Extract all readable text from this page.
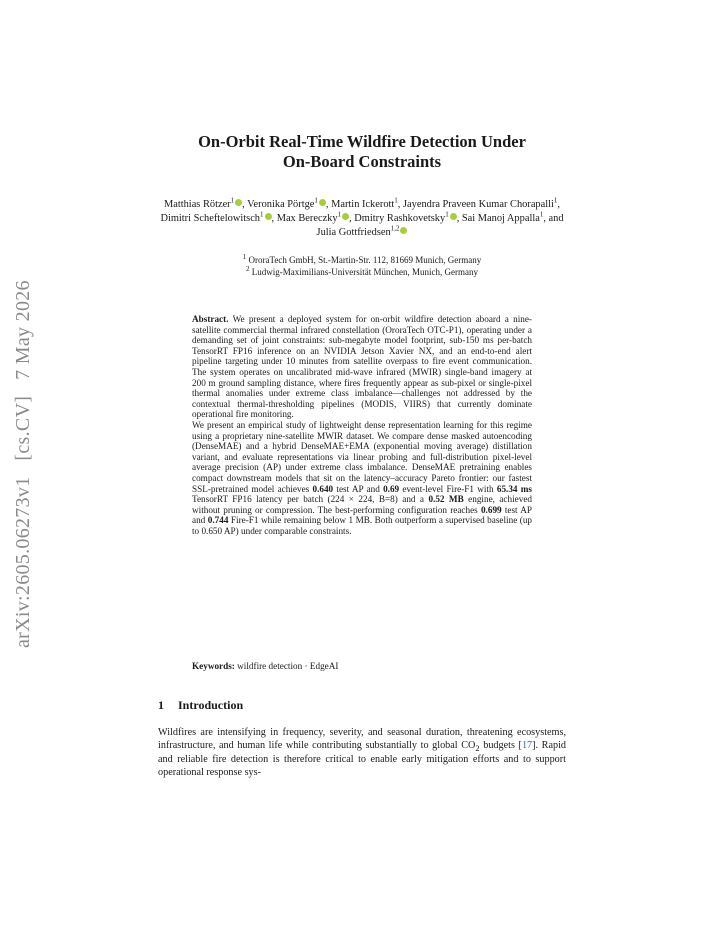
arXiv:2605.06273v1   [cs.CV]   7 May 2026
On-Orbit Real-Time Wildfire Detection Under
On-Board Constraints
Matthias Rötzer$^1$ , Veronika Pörtge$^1$ , Martin Ickerott$^1$, Jayendra Praveen Kumar Chorapalli$^1$, Dimitri Scheftelowitsch$^1$ , Max Bereczky$^1$ , Dmitry Rashkovetsky$^1$ , Sai Manoj Appalla$^1$, and Julia Gottfriedsen$^{1,2}$
$^1$ OroraTech GmbH, St.-Martin-Str. 112, 81669 Munich, Germany
$^2$ Ludwig-Maximilians-Universität München, Munich, Germany

Abstract. We present a deployed system for on-orbit wildfire detection aboard a nine-satellite commercial thermal infrared constellation (OroraTech OTC-P1), operating under a demanding set of joint constraints: sub-megabyte model footprint, sub-150 ms per-batch TensorRT FP16 inference on an NVIDIA Jetson Xavier NX, and an end-to-end alert pipeline targeting under 10 minutes from satellite overpass to fire event communication. The system operates on uncalibrated mid-wave infrared (MWIR) single-band imagery at 200 m ground sampling distance, where fires frequently appear as sub-pixel or single-pixel thermal anomalies under extreme class imbalance—challenges not addressed by the contextual thermal-thresholding pipelines (MODIS, VIIRS) that currently dominate operational fire monitoring.

We present an empirical study of lightweight dense representation learning for this regime using a proprietary nine-satellite MWIR dataset. We compare dense masked autoencoding (DenseMAE) and a hybrid DenseMAE+EMA (exponential moving average) distillation variant, and evaluate representations via linear probing and full-distribution pixel-level average precision (AP) under extreme class imbalance. DenseMAE pretraining enables compact downstream models that sit on the latency–accuracy Pareto frontier: our fastest SSL-pretrained model achieves 0.640 test AP and 0.69 event-level Fire-F1 with 65.34 ms TensorRT FP16 latency per batch (224 × 224, B=8) and a 0.52 MB engine, achieved without pruning or compression. The best-performing configuration reaches 0.699 test AP and 0.744 Fire-F1 while remaining below 1 MB. Both outperform a supervised baseline (up to 0.650 AP) under comparable constraints.

Keywords: wildfire detection · EdgeAI
1 Introduction

Wildfires are intensifying in frequency, severity, and seasonal duration, threatening ecosystems, infrastructure, and human life while contributing substantially to global $CO_2$ budgets [17]. Rapid and reliable fire detection is therefore critical to enable early mitigation efforts and to support operational response sys-
